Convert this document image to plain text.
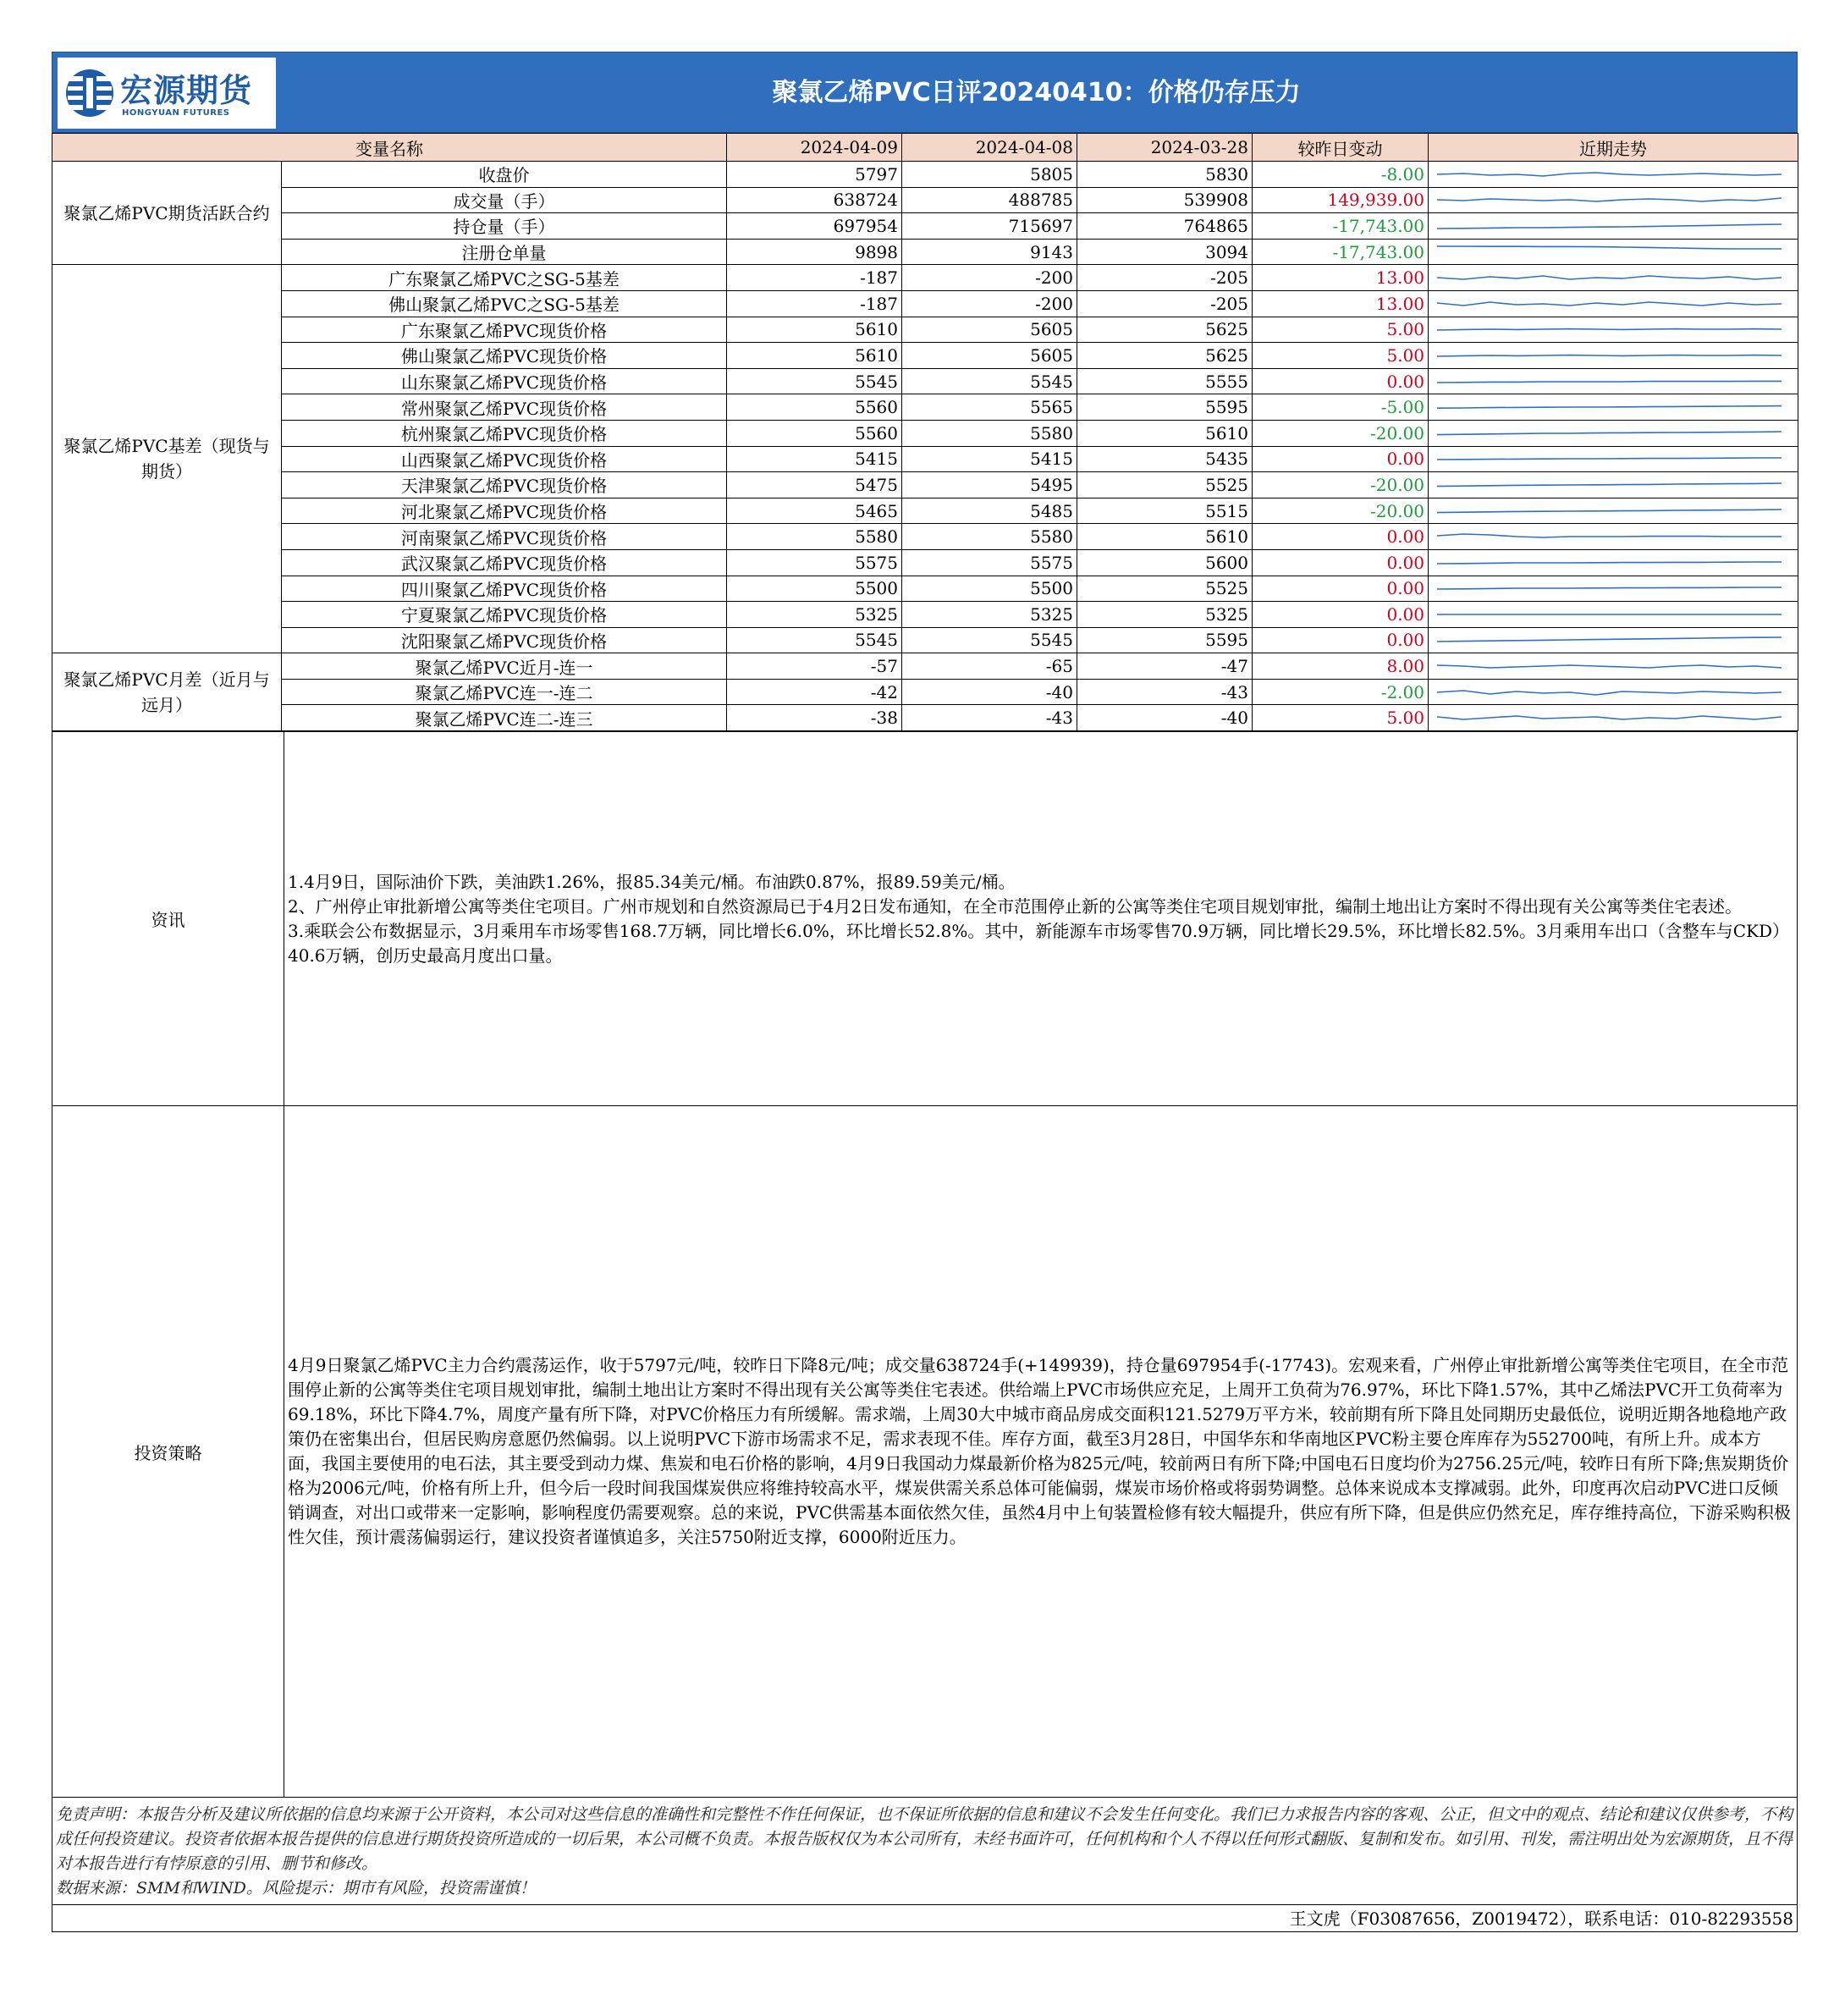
宏源期货
HONGYUAN FUTURES
聚氯乙烯PVC日评20240410：价格仍存压力
变量名称		2024-04-09	2024-04-08	2024-03-28	较昨日变动	近期走势
聚氯乙烯PVC期货活跃合约	收盘价	5797	5805	5830	-8.00	

	成交量（手）	638724	488785	539908	149,939.00	

	持仓量（手）	697954	715697	764865	-17,743.00	

	注册仓单量	9898	9143	3094	-17,743.00	

聚氯乙烯PVC基差（现货与期货）	广东聚氯乙烯PVC之SG-5基差	-187	-200	-205	13.00	

	佛山聚氯乙烯PVC之SG-5基差	-187	-200	-205	13.00	

	广东聚氯乙烯PVC现货价格	5610	5605	5625	5.00	

	佛山聚氯乙烯PVC现货价格	5610	5605	5625	5.00	

	山东聚氯乙烯PVC现货价格	5545	5545	5555	0.00	

	常州聚氯乙烯PVC现货价格	5560	5565	5595	-5.00	

	杭州聚氯乙烯PVC现货价格	5560	5580	5610	-20.00	

	山西聚氯乙烯PVC现货价格	5415	5415	5435	0.00	

	天津聚氯乙烯PVC现货价格	5475	5495	5525	-20.00	

	河北聚氯乙烯PVC现货价格	5465	5485	5515	-20.00	

	河南聚氯乙烯PVC现货价格	5580	5580	5610	0.00	

	武汉聚氯乙烯PVC现货价格	5575	5575	5600	0.00	

	四川聚氯乙烯PVC现货价格	5500	5500	5525	0.00	

	宁夏聚氯乙烯PVC现货价格	5325	5325	5325	0.00	

	沈阳聚氯乙烯PVC现货价格	5545	5545	5595	0.00	

聚氯乙烯PVC月差（近月与远月）	聚氯乙烯PVC近月-连一	-57	-65	-47	8.00	

	聚氯乙烯PVC连一-连二	-42	-40	-43	-2.00	

	聚氯乙烯PVC连二-连三	-38	-43	-40	5.00	
资讯	
1.4月9日，国际油价下跌，美油跌1.26%，报85.34美元/桶。布油跌0.87%，报89.59美元/桶。
2、广州停止审批新增公寓等类住宅项目。广州市规划和自然资源局已于4月2日发布通知，在全市范围停止新的公寓等类住宅项目规划审批，编制土地出让方案时不得出现有关公寓等类住宅表述。
3.乘联会公布数据显示，3月乘用车市场零售168.7万辆，同比增长6.0%，环比增长52.8%。其中，新能源车市场零售70.9万辆，同比增长29.5%，环比增长82.5%。3月乘用车出口（含整车与CKD）40.6万辆，创历史最高月度出口量。
投资策略	4月9日聚氯乙烯PVC主力合约震荡运作，收于5797元/吨，较昨日下降8元/吨；成交量638724手(+149939)，持仓量697954手(-17743)。宏观来看，广州停止审批新增公寓等类住宅项目，在全市范围停止新的公寓等类住宅项目规划审批，编制土地出让方案时不得出现有关公寓等类住宅表述。供给端上PVC市场供应充足，上周开工负荷为76.97%，环比下降1.57%，其中乙烯法PVC开工负荷率为69.18%，环比下降4.7%，周度产量有所下降，对PVC价格压力有所缓解。需求端，上周30大中城市商品房成交面积121.5279万平方米，较前期有所下降且处同期历史最低位，说明近期各地稳地产政策仍在密集出台，但居民购房意愿仍然偏弱。以上说明PVC下游市场需求不足，需求表现不佳。库存方面，截至3月28日，中国华东和华南地区PVC粉主要仓库库存为552700吨，有所上升。成本方面，我国主要使用的电石法，其主要受到动力煤、焦炭和电石价格的影响，4月9日我国动力煤最新价格为825元/吨，较前两日有所下降;中国电石日度均价为2756.25元/吨，较昨日有所下降;焦炭期货价格为2006元/吨，价格有所上升，但今后一段时间我国煤炭供应将维持较高水平，煤炭供需关系总体可能偏弱，煤炭市场价格或将弱势调整。总体来说成本支撑减弱。此外，印度再次启动PVC进口反倾销调查，对出口或带来一定影响，影响程度仍需要观察。总的来说，PVC供需基本面依然欠佳，虽然4月中上旬装置检修有较大幅提升，供应有所下降，但是供应仍然充足，库存维持高位，下游采购积极性欠佳，预计震荡偏弱运行，建议投资者谨慎追多，关注5750附近支撑，6000附近压力。
免责声明：本报告分析及建议所依据的信息均来源于公开资料，本公司对这些信息的准确性和完整性不作任何保证，也不保证所依据的信息和建议不会发生任何变化。我们已力求报告内容的客观、公正，但文中的观点、结论和建议仅供参考，不构成任何投资建议。投资者依据本报告提供的信息进行期货投资所造成的一切后果，本公司概不负责。本报告版权仅为本公司所有，未经书面许可，任何机构和个人不得以任何形式翻版、复制和发布。如引用、刊发，需注明出处为宏源期货，且不得对本报告进行有悖原意的引用、删节和修改。
数据来源：SMM和WIND。风险提示：期市有风险，投资需谨慎！
王文虎（F03087656，Z0019472），联系电话：010-82293558
